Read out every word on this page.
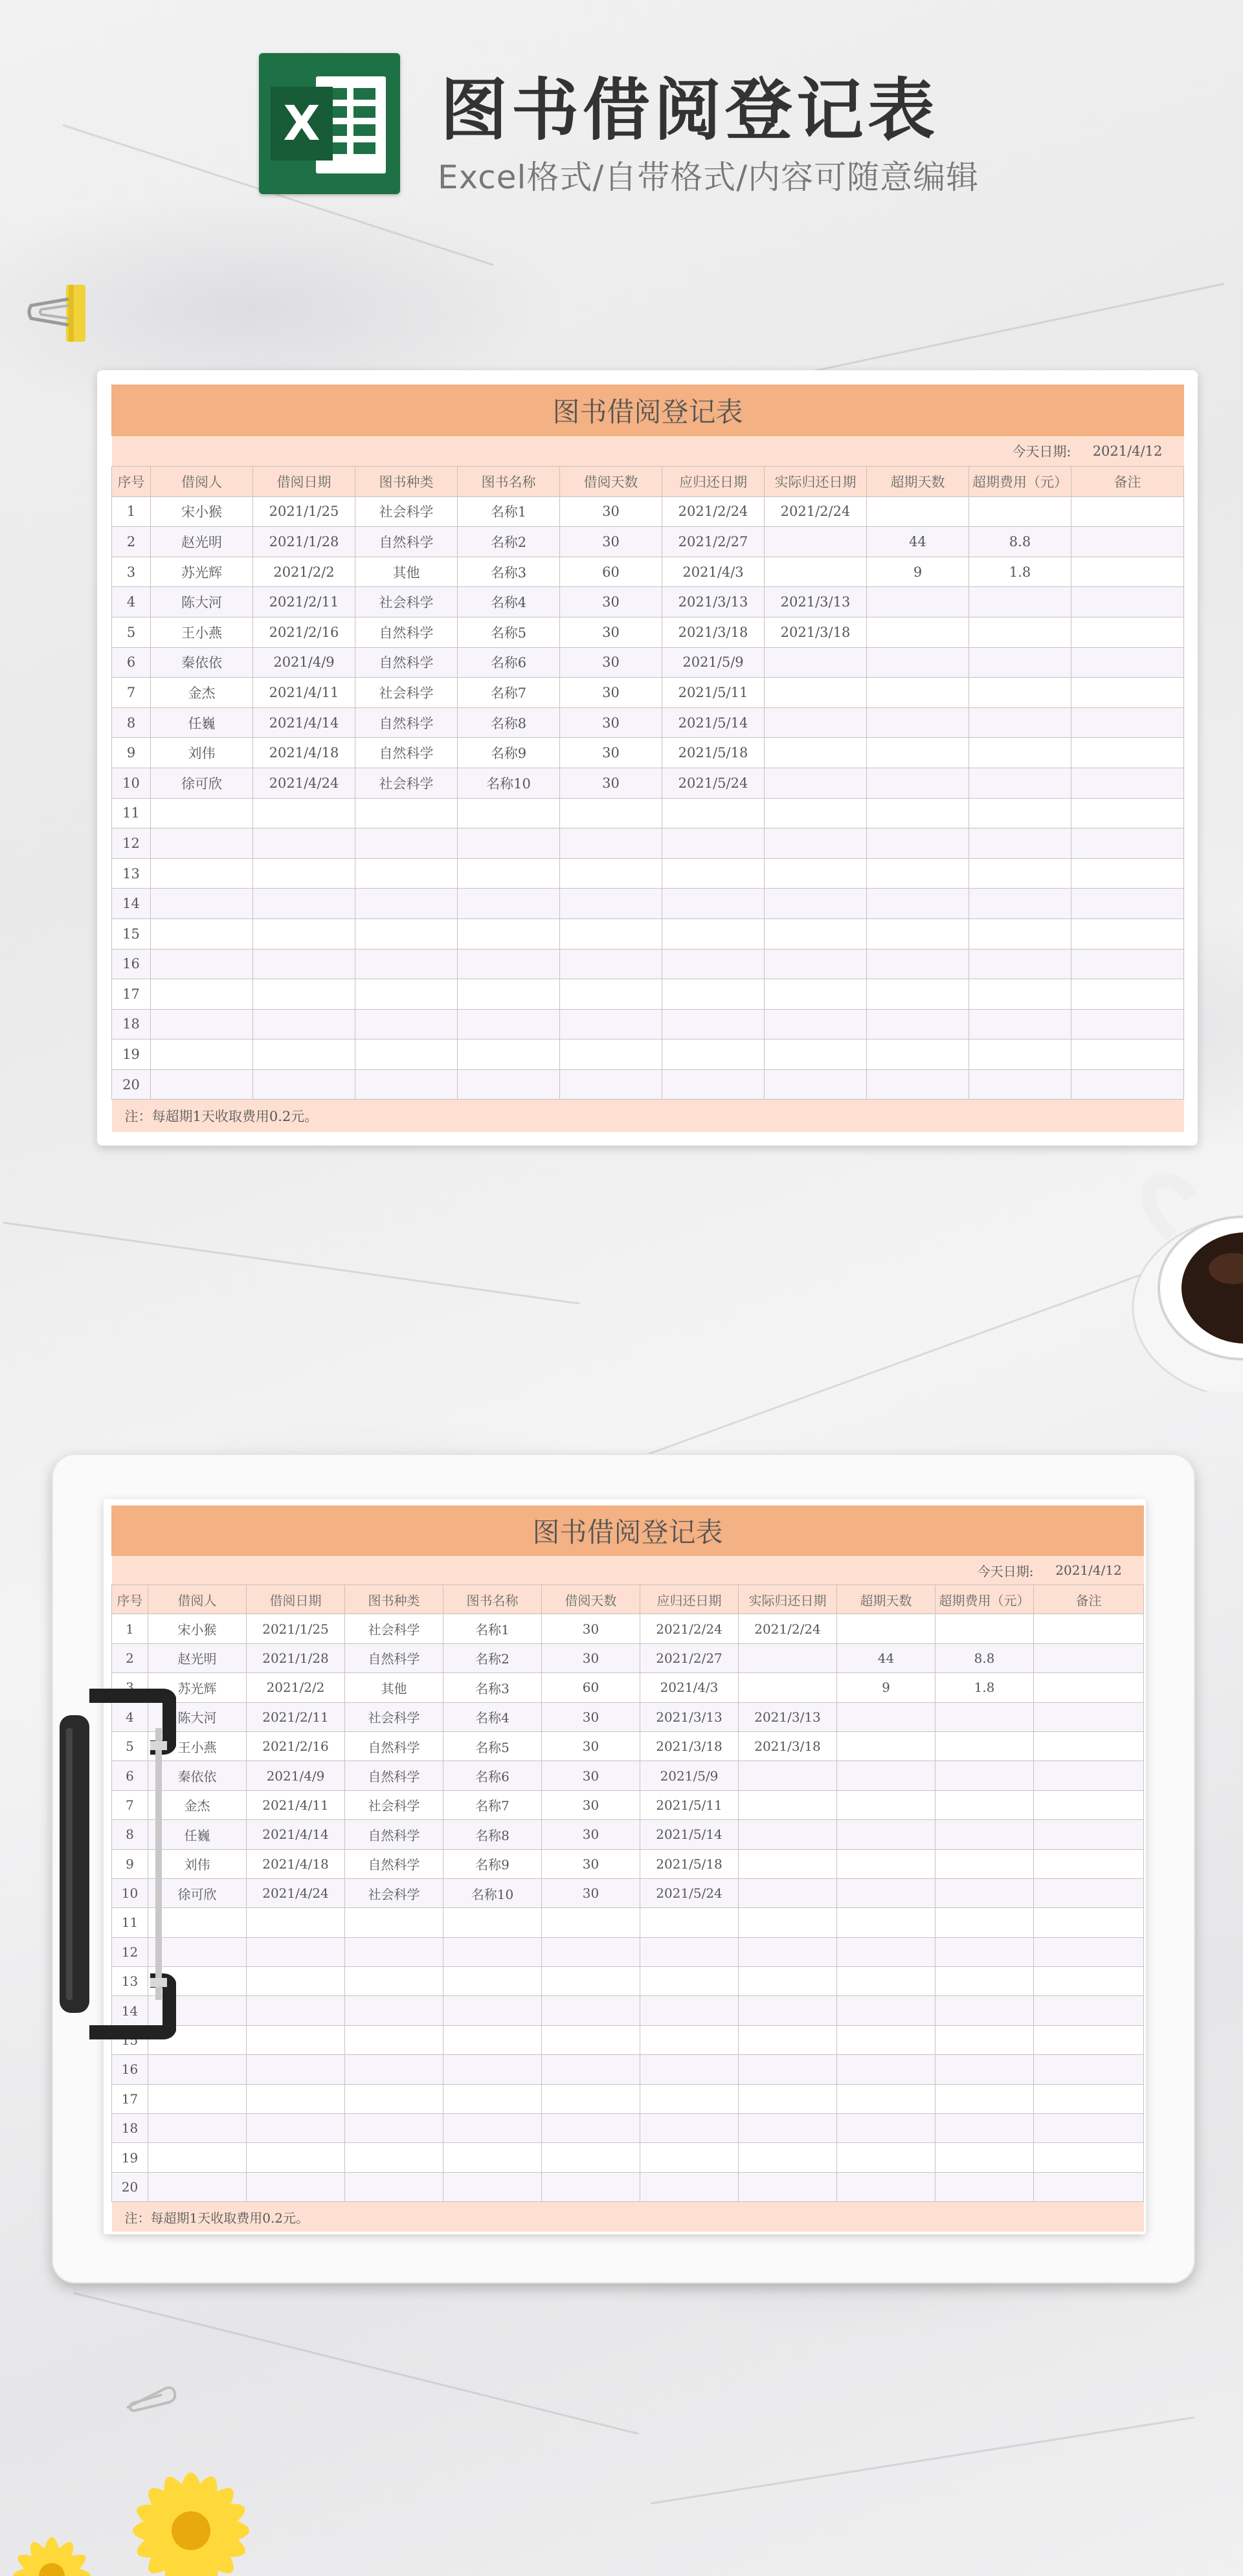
X 图书借阅登记表
Excel格式/自带格式/内容可随意编辑
图书借阅登记表										
									今天日期:	2021/4/12
序号	借阅人	借阅日期	图书种类	图书名称	借阅天数	应归还日期	实际归还日期	超期天数	超期费用（元）	备注
1	宋小猴	2021/1/25	社会科学	名称1	30	2021/2/24	2021/2/24			
2	赵光明	2021/1/28	自然科学	名称2	30	2021/2/27		44	8.8	
3	苏光辉	2021/2/2	其他	名称3	60	2021/4/3		9	1.8	
4	陈大河	2021/2/11	社会科学	名称4	30	2021/3/13	2021/3/13			
5	王小燕	2021/2/16	自然科学	名称5	30	2021/3/18	2021/3/18			
6	秦依依	2021/4/9	自然科学	名称6	30	2021/5/9				
7	金杰	2021/4/11	社会科学	名称7	30	2021/5/11				
8	任巍	2021/4/14	自然科学	名称8	30	2021/5/14				
9	刘伟	2021/4/18	自然科学	名称9	30	2021/5/18				
10	徐可欣	2021/4/24	社会科学	名称10	30	2021/5/24				
11										
12										
13										
14										
15										
16										
17										
18										
19										
20										
注：每超期1天收取费用0.2元。										
图书借阅登记表										
									今天日期:	2021/4/12
序号	借阅人	借阅日期	图书种类	图书名称	借阅天数	应归还日期	实际归还日期	超期天数	超期费用（元）	备注
1	宋小猴	2021/1/25	社会科学	名称1	30	2021/2/24	2021/2/24			
2	赵光明	2021/1/28	自然科学	名称2	30	2021/2/27		44	8.8	
3	苏光辉	2021/2/2	其他	名称3	60	2021/4/3		9	1.8	
4	陈大河	2021/2/11	社会科学	名称4	30	2021/3/13	2021/3/13			
5	王小燕	2021/2/16	自然科学	名称5	30	2021/3/18	2021/3/18			
6	秦依依	2021/4/9	自然科学	名称6	30	2021/5/9				
7	金杰	2021/4/11	社会科学	名称7	30	2021/5/11				
8	任巍	2021/4/14	自然科学	名称8	30	2021/5/14				
9	刘伟	2021/4/18	自然科学	名称9	30	2021/5/18				
10	徐可欣	2021/4/24	社会科学	名称10	30	2021/5/24				
11										
12										
13										
14										
15										
16										
17										
18										
19										
20										
注：每超期1天收取费用0.2元。										
